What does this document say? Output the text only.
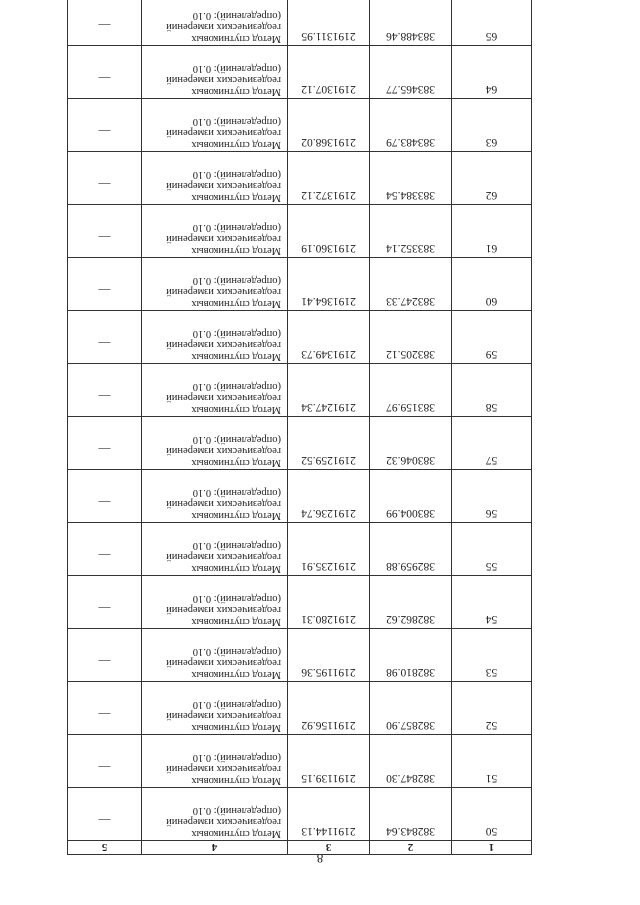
8
1	2	3	4	5
50	382843.64	2191144.13	Метод спутниковых
геодезических измерений
(определений): 0.10	—
51	382847.30	2191139.15	Метод спутниковых
геодезических измерений
(определений): 0.10	—
52	382857.90	2191156.92	Метод спутниковых
геодезических измерений
(определений): 0.10	—
53	382810.98	2191195.36	Метод спутниковых
геодезических измерений
(определений): 0.10	—
54	382862.62	2191280.31	Метод спутниковых
геодезических измерений
(определений): 0.10	—
55	382959.88	2191235.91	Метод спутниковых
геодезических измерений
(определений): 0.10	—
56	383004.99	2191236.74	Метод спутниковых
геодезических измерений
(определений): 0.10	—
57	383046.32	2191259.52	Метод спутниковых
геодезических измерений
(определений): 0.10	—
58	383159.97	2191247.34	Метод спутниковых
геодезических измерений
(определений): 0.10	—
59	383205.12	2191349.73	Метод спутниковых
геодезических измерений
(определений): 0.10	—
60	383247.33	2191364.41	Метод спутниковых
геодезических измерений
(определений): 0.10	—
61	383352.14	2191360.19	Метод спутниковых
геодезических измерений
(определений): 0.10	—
62	383384.54	2191372.12	Метод спутниковых
геодезических измерений
(определений): 0.10	—
63	383483.79	2191368.02	Метод спутниковых
геодезических измерений
(определений): 0.10	—
64	383465.77	2191307.12	Метод спутниковых
геодезических измерений
(определений): 0.10	—
65	383488.46	2191311.95	Метод спутниковых
геодезических измерений
(определений): 0.10	—
